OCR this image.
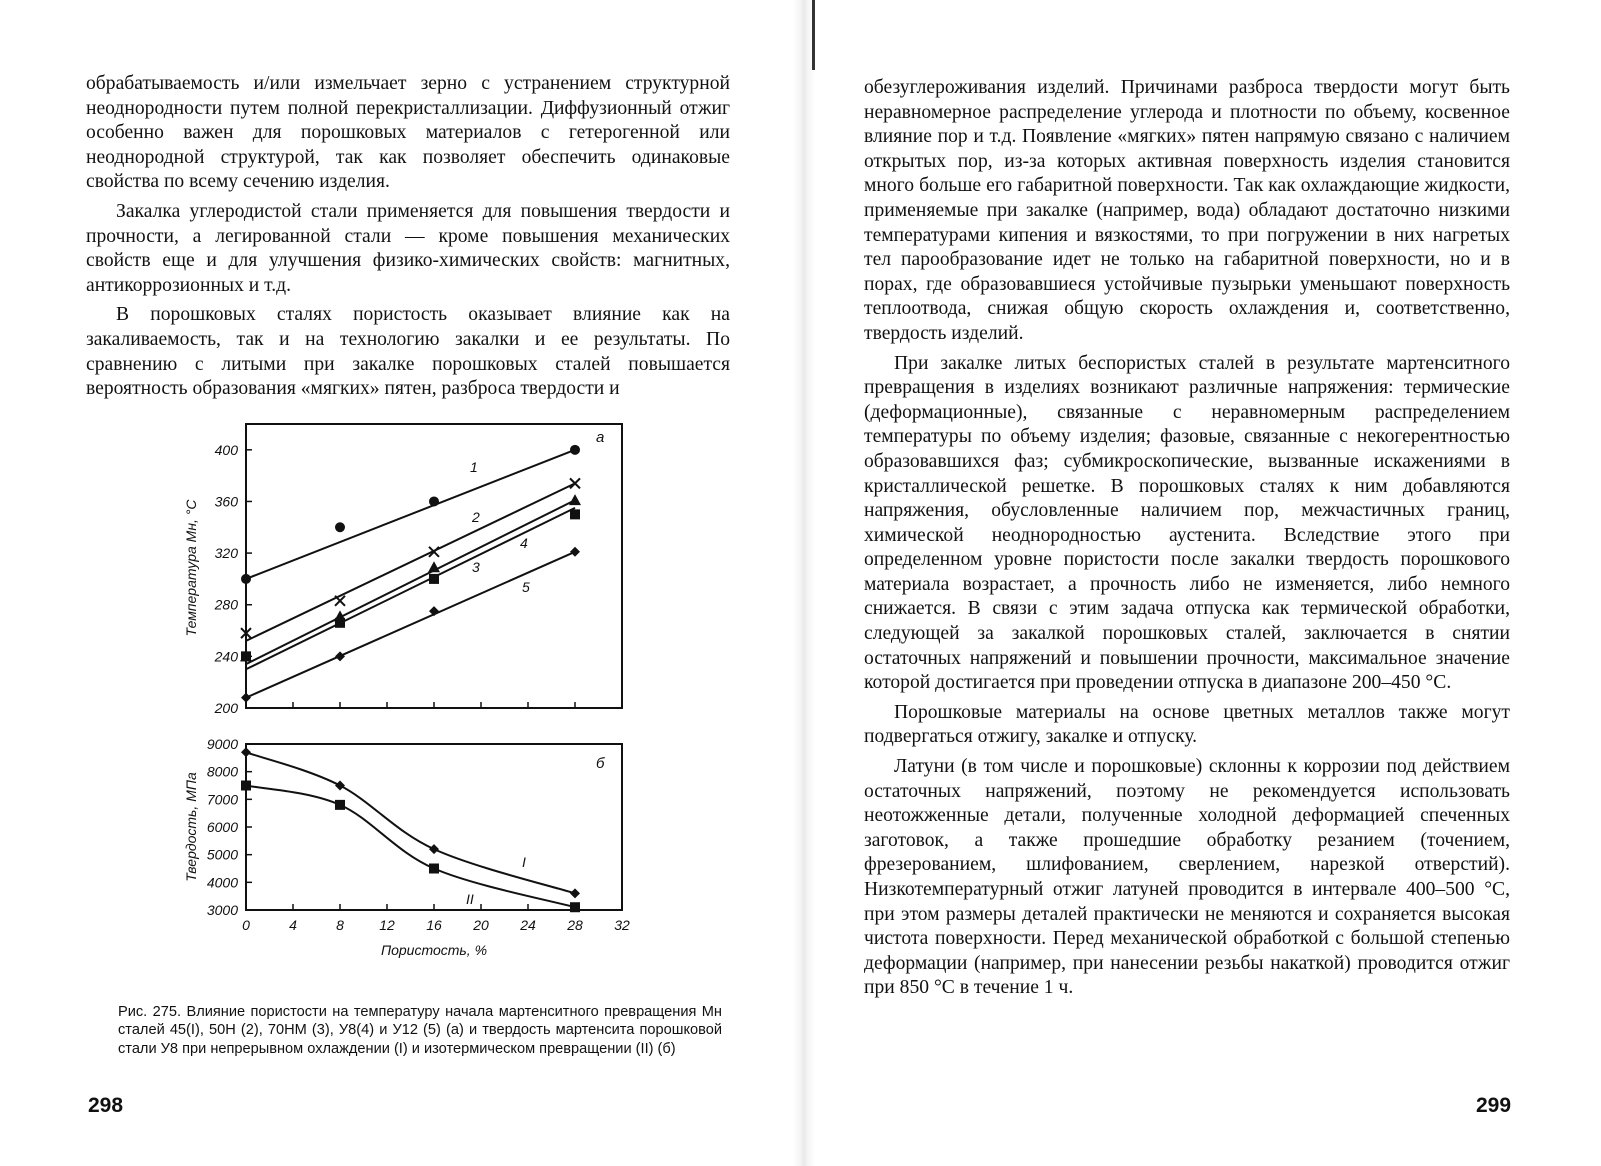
обрабатываемость и/или измельчает зерно с устранением структурной неоднородности путем полной перекристаллизации. Диффузионный отжиг особенно важен для порошковых материалов с гетерогенной или неоднородной структурой, так как позволяет обеспечить одинаковые свойства по всему сечению изделия.

Закалка углеродистой стали применяется для повышения твердости и прочности, а легированной стали — кроме повышения механических свойств еще и для улучшения физико-химических свойств: магнитных, антикоррозионных и т.д.

В порошковых сталях пористость оказывает влияние как на закаливаемость, так и на технологию закалки и ее результаты. По сравнению с литыми при закалке порошковых сталей повышается вероятность образования «мягких» пятен, разброса твердости и

а
Температура Mн, °C
200
240
280
320
360
400
1
2
3
4
5
б
Твердость, МПа
Пористость, %
3000
4000
5000
6000
7000
8000
9000
0	4	8	12 16 20 24 28 32
I
II

Рис. 275. Влияние пористости на температуру начала мартенситного превращения Mн сталей 45(I), 50Н (2), 70НМ (3), У8(4) и У12 (5) (а) и твердость мартенсита порошковой стали У8 при непрерывном охлаждении (I) и изотермическом превращении (II) (б)

298

обезуглероживания изделий. Причинами разброса твердости могут быть неравномерное распределение углерода и плотности по объему, косвенное влияние пор и т.д. Появление «мягких» пятен напрямую связано с наличием открытых пор, из-за которых активная поверхность изделия становится много больше его габаритной поверхности. Так как охлаждающие жидкости, применяемые при закалке (например, вода) обладают достаточно низкими температурами кипения и вязкостями, то при погружении в них нагретых тел парообразование идет не только на габаритной поверхности, но и в порах, где образовавшиеся устойчивые пузырьки уменьшают поверхность теплоотвода, снижая общую скорость охлаждения и, соответственно, твердость изделий.

При закалке литых беспористых сталей в результате мартенситного превращения в изделиях возникают различные напряжения: термические (деформационные), связанные с неравномерным распределением температуры по объему изделия; фазовые, связанные с некогерентностью образовавшихся фаз; субмикроскопические, вызванные искажениями в кристаллической решетке. В порошковых сталях к ним добавляются напряжения, обусловленные наличием пор, межчастичных границ, химической неоднородностью аустенита. Вследствие этого при определенном уровне пористости после закалки твердость порошкового материала возрастает, а прочность либо не изменяется, либо немного снижается. В связи с этим задача отпуска как термической обработки, следующей за закалкой порошковых сталей, заключается в снятии остаточных напряжений и повышении прочности, максимальное значение которой достигается при проведении отпуска в диапазоне 200–450 °С.

Порошковые материалы на основе цветных металлов также могут подвергаться отжигу, закалке и отпуску.

Латуни (в том числе и порошковые) склонны к коррозии под действием остаточных напряжений, поэтому не рекомендуется использовать неотожженные детали, полученные холодной деформацией спеченных заготовок, а также прошедшие обработку резанием (точением, фрезерованием, шлифованием, сверлением, нарезкой отверстий). Низкотемпературный отжиг латуней проводится в интервале 400–500 °С, при этом размеры деталей практически не меняются и сохраняется высокая чистота поверхности. Перед механической обработкой с большой степенью деформации (например, при нанесении резьбы накаткой) проводится отжиг при 850 °С в течение 1 ч.

299
